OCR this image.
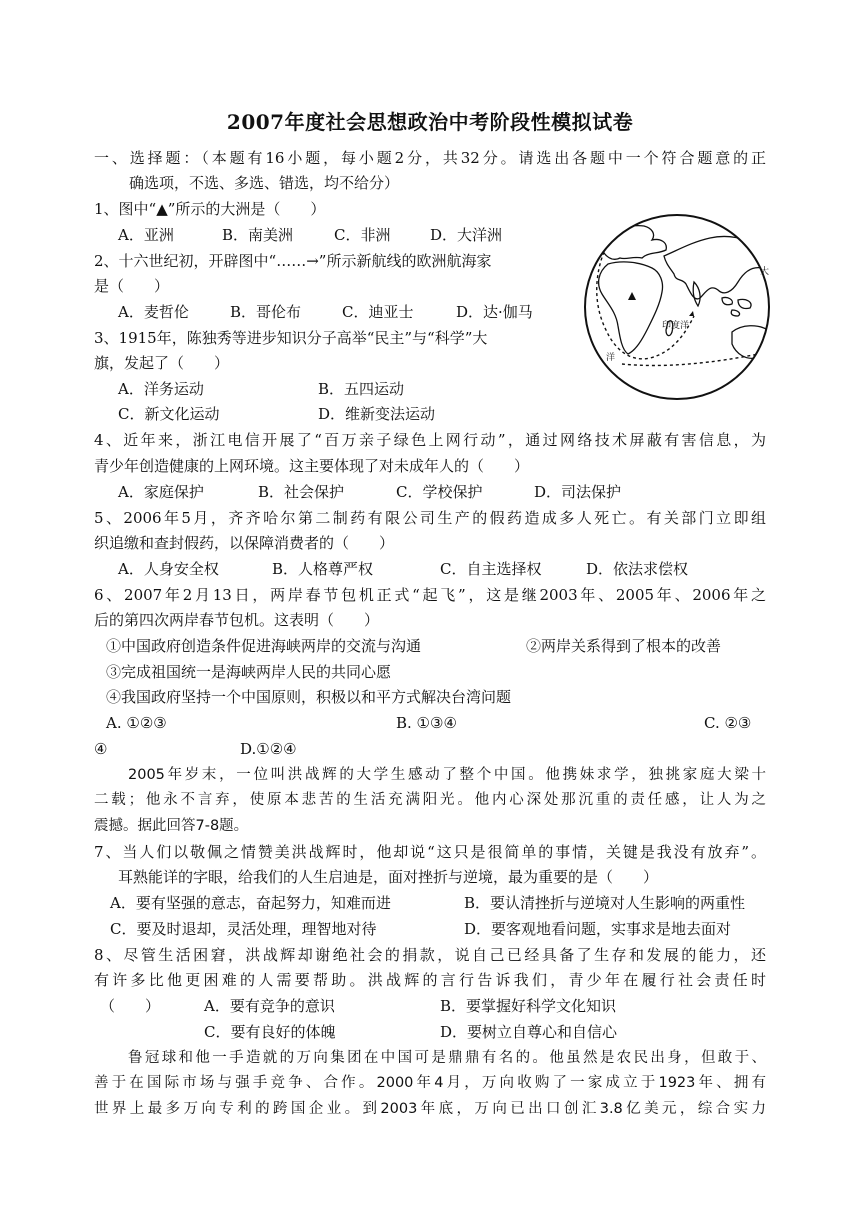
2007年度社会思想政治中考阶段性模拟试卷
一、选择题：（本题有16小题，每小题2分，共32分。请选出各题中一个符合题意的正
确选项，不选、多选、错选，均不给分）
1、图中“▲”所示的大洲是（　　）
A．亚洲	B．南美洲	C．非洲	D．大洋洲
2、十六世纪初，开辟图中“……→”所示新航线的欧洲航海家
是（　　）
A．麦哲伦	B．哥伦布	C．迪亚士	D．达·伽马
3、1915年，陈独秀等进步知识分子高举“民主”与“科学”大
旗，发起了（　　）
A．洋务运动	B．五四运动
C．新文化运动	D．维新变法运动
印度洋
大
洋
4、近年来，浙江电信开展了“百万亲子绿色上网行动”，通过网络技术屏蔽有害信息，为
青少年创造健康的上网环境。这主要体现了对未成年人的（　　）
A．家庭保护	B．社会保护	C．学校保护	D．司法保护
5、2006年5月，齐齐哈尔第二制药有限公司生产的假药造成多人死亡。有关部门立即组
织追缴和查封假药，以保障消费者的（　　）
A．人身安全权	B．人格尊严权	C．自主选择权	D．依法求偿权
6、2007年2月13日，两岸春节包机正式“起飞”，这是继2003年、2005年、2006年之
后的第四次两岸春节包机。这表明（　　）
①中国政府创造条件促进海峡两岸的交流与沟通	②两岸关系得到了根本的改善
③完成祖国统一是海峡两岸人民的共同心愿
④我国政府坚持一个中国原则，积极以和平方式解决台湾问题
A. ①②③	B. ①③④	C. ②③
④	D.①②④
2005年岁末，一位叫洪战辉的大学生感动了整个中国。他携妹求学，独挑家庭大梁十
二载；他永不言弃，使原本悲苦的生活充满阳光。他内心深处那沉重的责任感，让人为之
震撼。据此回答7-8题。
7、当人们以敬佩之情赞美洪战辉时，他却说“这只是很简单的事情，关键是我没有放弃”。
耳熟能详的字眼，给我们的人生启迪是，面对挫折与逆境，最为重要的是（　　）
A．要有坚强的意志，奋起努力，知难而进	B．要认清挫折与逆境对人生影响的两重性
C．要及时退却，灵活处理，理智地对待	D．要客观地看问题，实事求是地去面对
8、尽管生活困窘，洪战辉却谢绝社会的捐款，说自己已经具备了生存和发展的能力，还
有许多比他更困难的人需要帮助。洪战辉的言行告诉我们，青少年在履行社会责任时
（　　）	A．要有竞争的意识	B．要掌握好科学文化知识
C．要有良好的体魄	D．要树立自尊心和自信心
鲁冠球和他一手造就的万向集团在中国可是鼎鼎有名的。他虽然是农民出身，但敢于、
善于在国际市场与强手竞争、合作。2000年4月，万向收购了一家成立于1923年、拥有
世界上最多万向专利的跨国企业。到2003年底，万向已出口创汇3.8亿美元，综合实力
